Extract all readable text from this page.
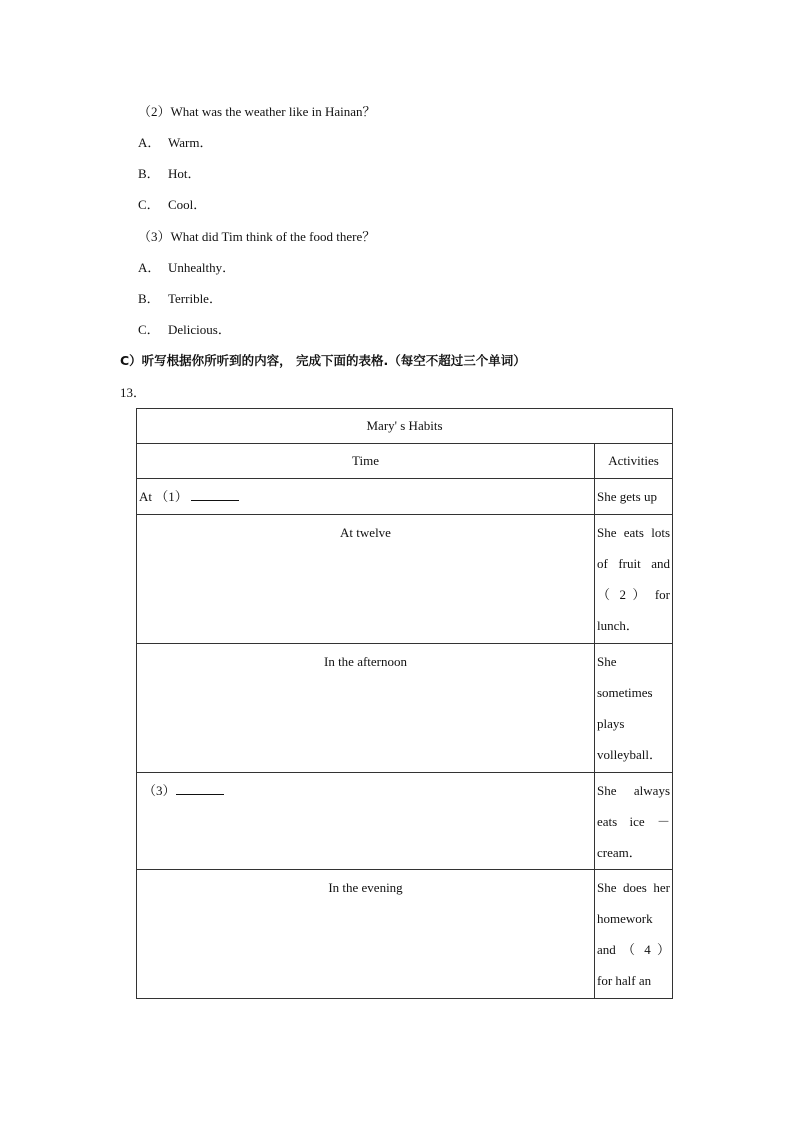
（2）What was the weather like in Hainan？
A． Warm．
B． Hot．
C． Cool．
（3）What did Tim think of the food there？
A． Unhealthy．
B． Terrible．
C． Delicious．
C）听写根据你所听到的内容， 完成下面的表格.（每空不超过三个单词）
13．
Mary' s Habits	
Time	Activities
At （1）	She gets up

At twelve	She eats lots of fruit and （ 2 ） for lunch．

In the afternoon	She sometimes plays volleyball．

（3）	She always eats ice －cream．

In the evening	She does her homework and （ 4 ） for half an
